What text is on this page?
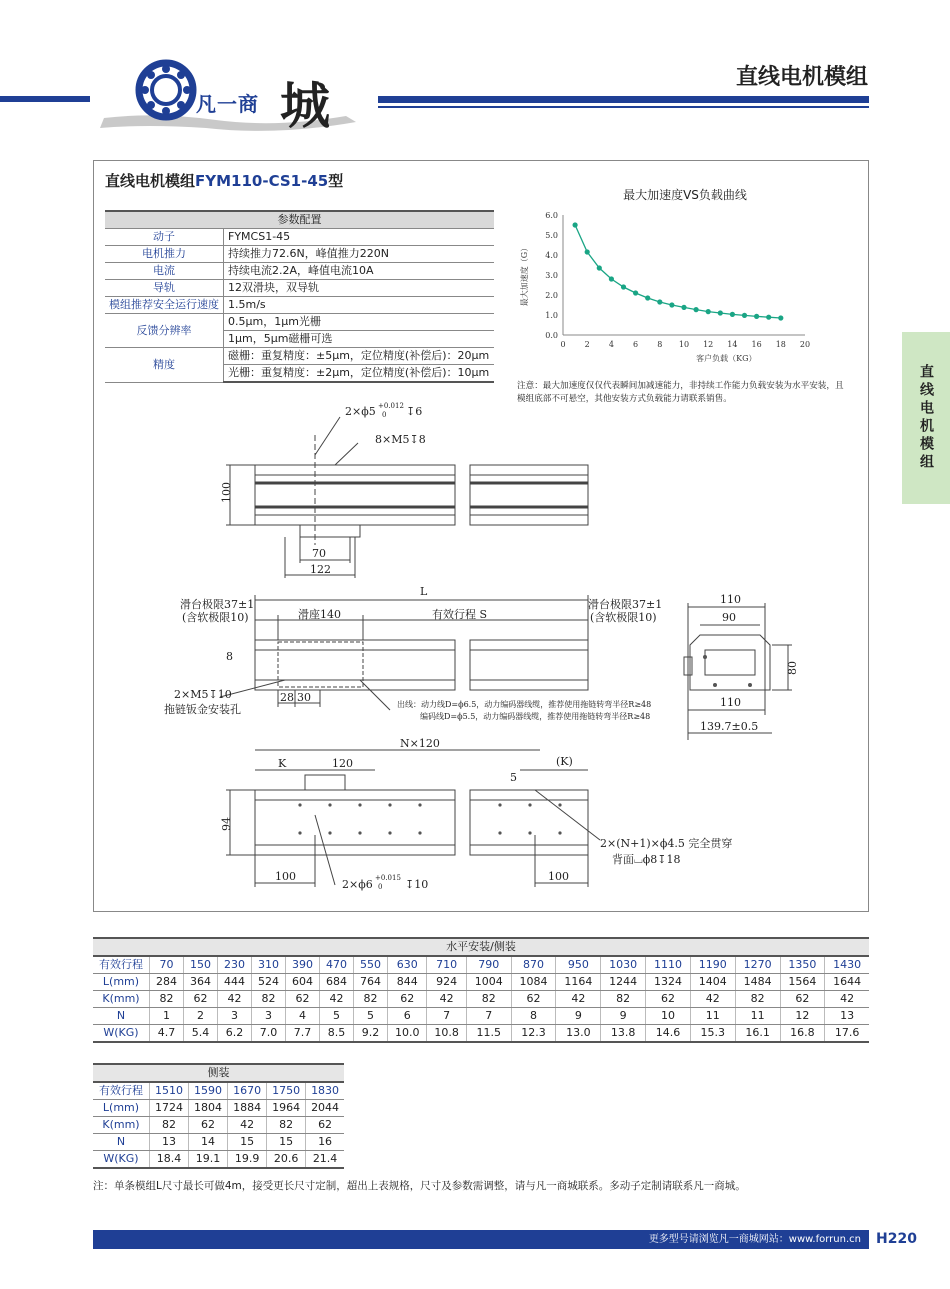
凡一商 城	直线电机模组
直线电机模组
直线电机模组FYM110-CS1-45型
参数配置	
动子	FYMCS1-45
电机推力	持续推力72.6N，峰值推力220N
电流	持续电流2.2A，峰值电流10A
导轨	12双滑块，双导轨
模组推荐安全运行速度	1.5m/s
反馈分辨率	0.5μm，1μm光栅
	1μm，5μm磁栅可选
精度	磁栅：重复精度：±5μm，定位精度(补偿后)：20μm
	光栅：重复精度：±2μm，定位精度(补偿后)：10μm
最大加速度VS负载曲线
0 2 4 6 8 10 12 14 16 18 20
0.0
1.0
2.0
3.0
4.0
5.0
6.0
客户负载（KG）
最大加速度（G）
注意：最大加速度仅仅代表瞬间加减速能力，非持续工作能力负载安装为水平安装，且模组底部不可悬空，其他安装方式负载能力请联系销售。
2×ϕ5 +0.012
0 ↧6
8×M5↧8
100
70
122
L
滑台极限37±1
(含软极限10)
滑台极限37±1
(含软极限10)
滑座140	有效行程 S
8
2×M5↧10
拖链钣金安装孔
28 30
出线：动力线D=ϕ6.5，动力编码器线缆，推荐使用拖链转弯半径R≥48
编码线D=ϕ5.5，动力编码器线缆，推荐使用拖链转弯半径R≥48
110
90
80
110
139.7±0.5
N×120
K	120
5
(K)
94
100	100
2×ϕ6 +0.015
0 ↧10
2×(N+1)×ϕ4.5 完全贯穿
背面⌴ϕ8↧18
水平安装/侧装																		
有效行程	70	150	230	310	390	470	550	630	710	790	870	950	1030	1110	1190	1270	1350	1430
L(mm)	284	364	444	524	604	684	764	844	924	1004	1084	1164	1244	1324	1404	1484	1564	1644
K(mm)	82	62	42	82	62	42	82	62	42	82	62	42	82	62	42	82	62	42
N	1	2	3	3	4	5	5	6	7	7	8	9	9	10	11	11	12	13
W(KG)	4.7	5.4	6.2	7.0	7.7	8.5	9.2	10.0	10.8	11.5	12.3	13.0	13.8	14.6	15.3	16.1	16.8	17.6
侧装					
有效行程	1510	1590	1670	1750	1830
L(mm)	1724	1804	1884	1964	2044
K(mm)	82	62	42	82	62
N	13	14	15	15	16
W(KG)	18.4	19.1	19.9	20.6	21.4
注：单条模组L尺寸最长可做4m，接受更长尺寸定制，超出上表规格，尺寸及参数需调整，请与凡一商城联系。多动子定制请联系凡一商城。
更多型号请浏览凡一商城网站：www.forrun.cn	H220
